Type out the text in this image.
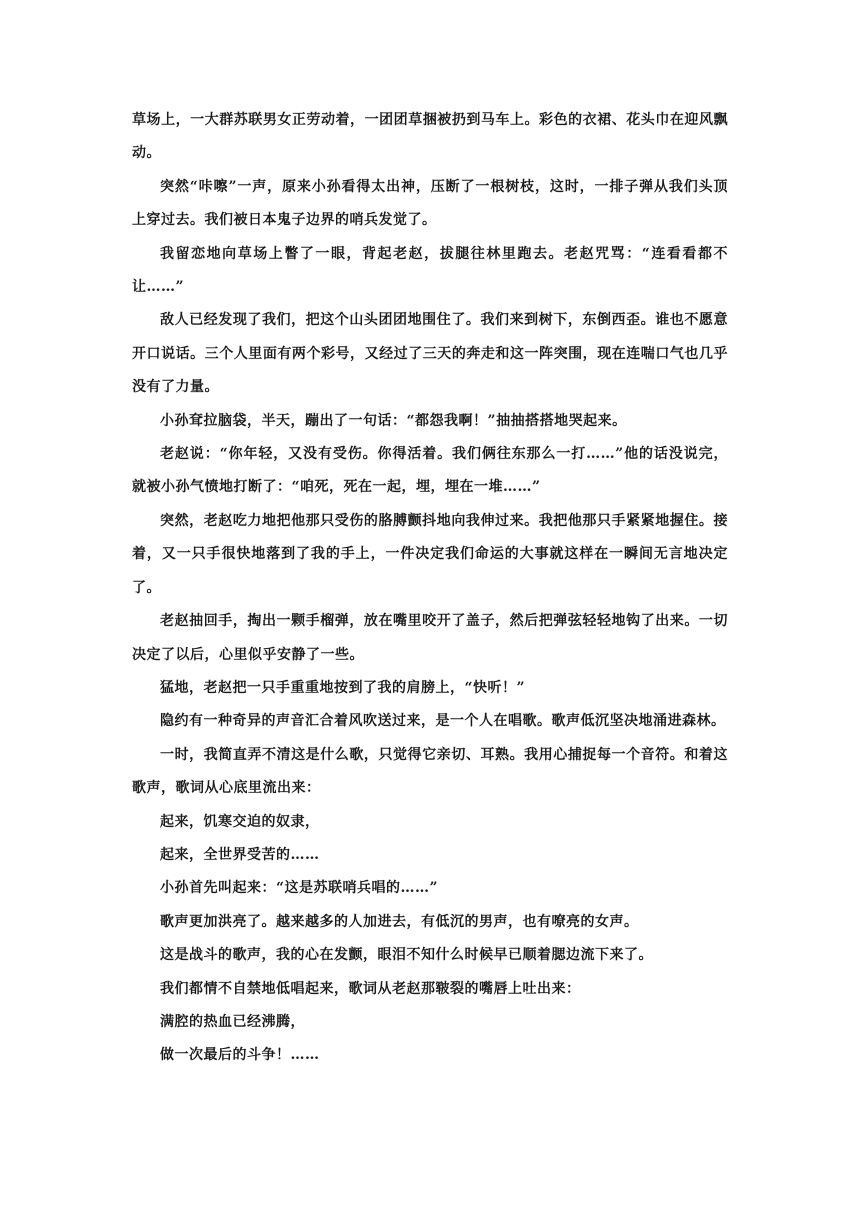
草场上，一大群苏联男女正劳动着，一团团草捆被扔到马车上。彩色的衣裙、花头巾在迎风飘动。

突然“咔嚓”一声，原来小孙看得太出神，压断了一根树枝，这时，一排子弹从我们头顶上穿过去。我们被日本鬼子边界的哨兵发觉了。

我留恋地向草场上瞥了一眼，背起老赵，拔腿往林里跑去。老赵咒骂：“连看看都不让……”

敌人已经发现了我们，把这个山头团团地围住了。我们来到树下，东倒西歪。谁也不愿意开口说话。三个人里面有两个彩号，又经过了三天的奔走和这一阵突围，现在连喘口气也几乎没有了力量。

小孙耷拉脑袋，半天，蹦出了一句话：“都怨我啊！”抽抽搭搭地哭起来。

老赵说：“你年轻，又没有受伤。你得活着。我们俩往东那么一打……”他的话没说完，就被小孙气愤地打断了：“咱死，死在一起，埋，埋在一堆……”

突然，老赵吃力地把他那只受伤的胳膊颤抖地向我伸过来。我把他那只手紧紧地握住。接着，又一只手很快地落到了我的手上，一件决定我们命运的大事就这样在一瞬间无言地决定了。

老赵抽回手，掏出一颗手榴弹，放在嘴里咬开了盖子，然后把弹弦轻轻地钩了出来。一切决定了以后，心里似乎安静了一些。

猛地，老赵把一只手重重地按到了我的肩膀上，“快听！”

隐约有一种奇异的声音汇合着风吹送过来，是一个人在唱歌。歌声低沉坚决地涌进森林。

一时，我简直弄不清这是什么歌，只觉得它亲切、耳熟。我用心捕捉每一个音符。和着这歌声，歌词从心底里流出来：

起来，饥寒交迫的奴隶，

起来，全世界受苦的……

小孙首先叫起来：“这是苏联哨兵唱的……”

歌声更加洪亮了。越来越多的人加进去，有低沉的男声，也有嘹亮的女声。

这是战斗的歌声，我的心在发颤，眼泪不知什么时候早已顺着腮边流下来了。

我们都情不自禁地低唱起来，歌词从老赵那皲裂的嘴唇上吐出来：

满腔的热血已经沸腾，

做一次最后的斗争！……
